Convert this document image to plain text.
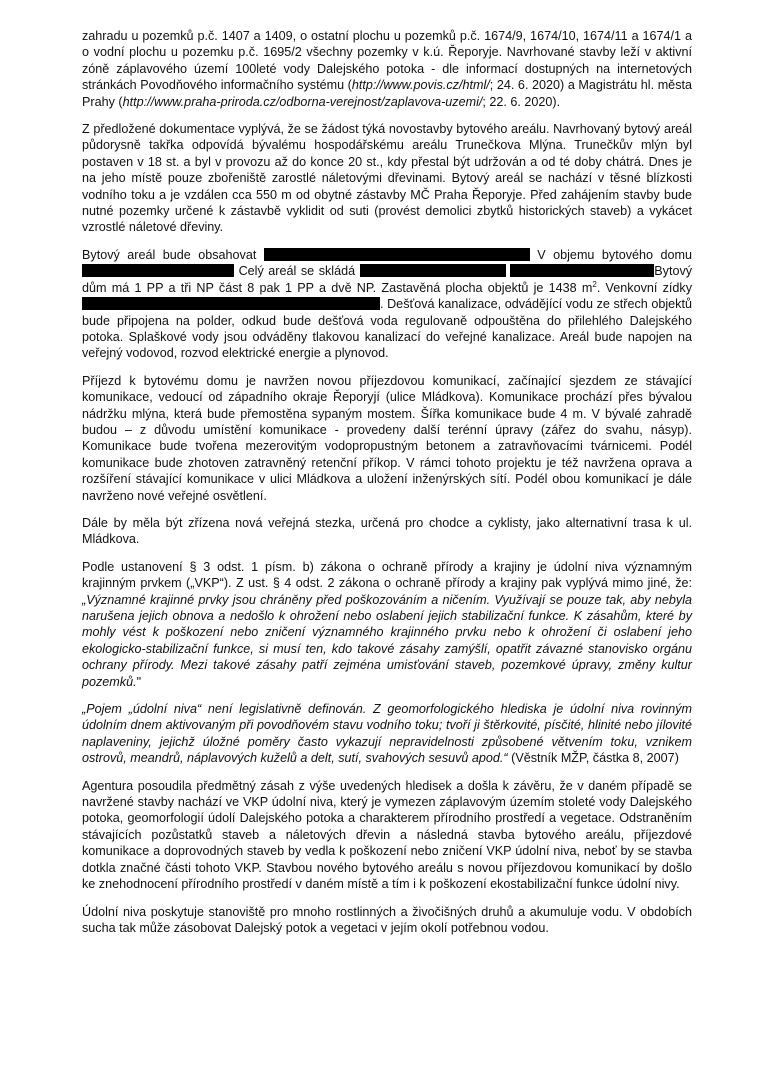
zahradu u pozemků p.č. 1407 a 1409, o ostatní plochu u pozemků p.č. 1674/9, 1674/10, 1674/11 a 1674/1 a o vodní plochu u pozemku p.č. 1695/2 všechny pozemky v k.ú. Řeporyje. Navrhované stavby leží v aktivní zóně záplavového území 100leté vody Dalejského potoka - dle informací dostupných na internetových stránkách Povodňového informačního systému (http://www.povis.cz/html/; 24. 6. 2020) a Magistrátu hl. města Prahy (http://www.praha-priroda.cz/odborna-verejnost/zaplavova-uzemi/; 22. 6. 2020).

Z předložené dokumentace vyplývá, že se žádost týká novostavby bytového areálu. Navrhovaný bytový areál půdorysně takřka odpovídá bývalému hospodářskému areálu Trunečkova Mlýna. Trunečkův mlýn byl postaven v 18 st. a byl v provozu až do konce 20 st., kdy přestal být udržován a od té doby chátrá. Dnes je na jeho místě pouze zbořeniště zarostlé náletovými dřevinami. Bytový areál se nachází v těsné blízkosti vodního toku a je vzdálen cca 550 m od obytné zástavby MČ Praha Řeporyje. Před zahájením stavby bude nutné pozemky určené k zástavbě vyklidit od suti (provést demolici zbytků historických staveb) a vykácet vzrostlé náletové dřeviny.

Bytový areál bude obsahovat	V objemu bytového domu  Celý areál se skládá	Bytový dům má 1 PP a tři NP část 8 pak 1 PP a dvě NP. Zastavěná plocha objektů je 1438 $m^2$. Venkovní zídky . Dešťová kanalizace, odvádějící vodu ze střech objektů bude připojena na polder, odkud bude dešťová voda regulovaně odpouštěna do přilehlého Dalejského potoka. Splaškové vody jsou odváděny tlakovou kanalizací do veřejné kanalizace. Areál bude napojen na veřejný vodovod, rozvod elektrické energie a plynovod.

Příjezd k bytovému domu je navržen novou příjezdovou komunikací, začínající sjezdem ze stávající komunikace, vedoucí od západního okraje Řeporyjí (ulice Mládkova). Komunikace prochází přes bývalou nádržku mlýna, která bude přemostěna sypaným mostem. Šířka komunikace bude 4 m. V bývalé zahradě budou – z důvodu umístění komunikace - provedeny další terénní úpravy (zářez do svahu, násyp). Komunikace bude tvořena mezerovitým vodopropustným betonem a zatravňovacími tvárnicemi. Podél komunikace bude zhotoven zatravněný retenční příkop. V rámci tohoto projektu je též navržena oprava a rozšíření stávající komunikace v ulici Mládkova a uložení inženýrských sítí. Podél obou komunikací je dále navrženo nové veřejné osvětlení.

Dále by měla být zřízena nová veřejná stezka, určená pro chodce a cyklisty, jako alternativní trasa k ul. Mládkova.

Podle ustanovení § 3 odst. 1 písm. b) zákona o ochraně přírody a krajiny je údolní niva významným krajinným prvkem („VKP“). Z ust. § 4 odst. 2 zákona o ochraně přírody a krajiny pak vyplývá mimo jiné, že: „Významné krajinné prvky jsou chráněny před poškozováním a ničením. Využívají se pouze tak, aby nebyla narušena jejich obnova a nedošlo k ohrožení nebo oslabení jejich stabilizační funkce. K zásahům, které by mohly vést k poškození nebo zničení významného krajinného prvku nebo k ohrožení či oslabení jeho ekologicko-stabilizační funkce, si musí ten, kdo takové zásahy zamýšlí, opatřit závazné stanovisko orgánu ochrany přírody. Mezi takové zásahy patří zejména umisťování staveb, pozemkové úpravy, změny kultur pozemků."

„Pojem „údolní niva“ není legislativně definován. Z geomorfologického hlediska je údolní niva rovinným údolním dnem aktivovaným při povodňovém stavu vodního toku; tvoří ji štěrkovité, písčité, hlinité nebo jílovité naplaveniny, jejichž úložné poměry často vykazují nepravidelnosti způsobené větvením toku, vznikem ostrovů, meandrů, náplavových kuželů a delt, sutí, svahových sesuvů apod.“ (Věstník MŽP, částka 8, 2007)

Agentura posoudila předmětný zásah z výše uvedených hledisek a došla k závěru, že v daném případě se navržené stavby nachází ve VKP údolní niva, který je vymezen záplavovým územím stoleté vody Dalejského potoka, geomorfologií údolí Dalejského potoka a charakterem přírodního prostředí a vegetace. Odstraněním stávajících pozůstatků staveb a náletových dřevin a následná stavba bytového areálu, příjezdové komunikace a doprovodných staveb by vedla k poškození nebo zničení VKP údolní niva, neboť by se stavba dotkla značné části tohoto VKP. Stavbou nového bytového areálu s novou příjezdovou komunikací by došlo ke znehodnocení přírodního prostředí v daném místě a tím i k poškození ekostabilizační funkce údolní nivy.

Údolní niva poskytuje stanoviště pro mnoho rostlinných a živočišných druhů a akumuluje vodu. V obdobích sucha tak může zásobovat Dalejský potok a vegetaci v jejím okolí potřebnou vodou.
